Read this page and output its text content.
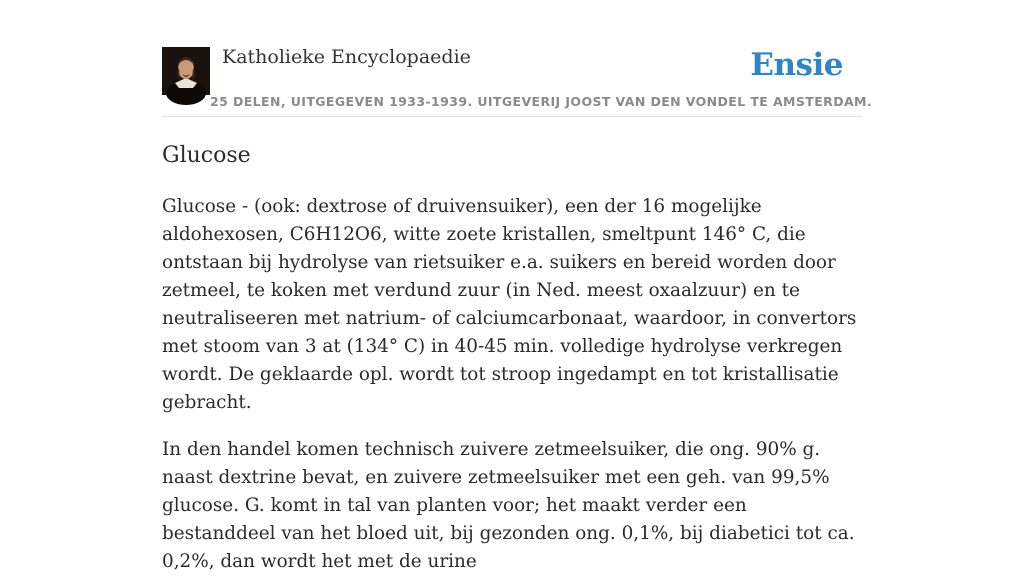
Katholieke Encyclopaedie	Ensie
25 DELEN, UITGEGEVEN 1933-1939. UITGEVERIJ JOOST VAN DEN VONDEL TE AMSTERDAM.
Glucose

Glucose - (ook: dextrose of druivensuiker), een der 16 mogelijke aldohexosen, C6H12O6, witte zoete kristallen, smeltpunt 146° C, die ontstaan bij hydrolyse van rietsuiker e.a. suikers en bereid worden door zetmeel, te koken met verdund zuur (in Ned. meest oxaalzuur) en te neutraliseeren met natrium- of calciumcarbonaat, waardoor, in convertors met stoom van 3 at (134° C) in 40-45 min. volledige hydrolyse verkregen wordt. De geklaarde opl. wordt tot stroop ingedampt en tot kristallisatie gebracht.

In den handel komen technisch zuivere zetmeelsuiker, die ong. 90% g. naast dextrine bevat, en zuivere zetmeelsuiker met een geh. van 99,5% glucose. G. komt in tal van planten voor; het maakt verder een bestanddeel van het bloed uit, bij gezonden ong. 0,1%, bij diabetici tot ca. 0,2%, dan wordt het met de urine
